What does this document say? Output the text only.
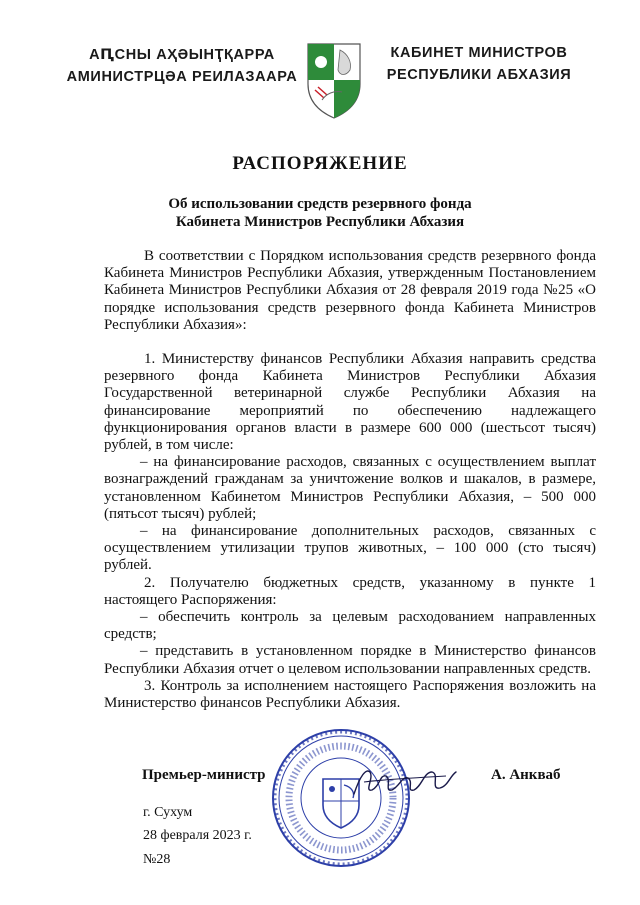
АԤСНЫ АҲӘЫНҬҚАРРА
АМИНИСТРЦӘА РЕИЛАЗААРА
КАБИНЕТ МИНИСТРОВ
РЕСПУБЛИКИ АБХАЗИЯ
РАСПОРЯЖЕНИЕ
Об использовании средств резервного фонда
Кабинета Министров Республики Абхазия

В соответствии с Порядком использования средств резервного фонда Кабинета Министров Республики Абхазия, утвержденным Постановлением Кабинета Министров Республики Абхазия от 28 февраля 2019 года №25 «О порядке использования средств резервного фонда Кабинета Министров Республики Абхазия»:

1. Министерству финансов Республики Абхазия направить средства резервного фонда Кабинета Министров Республики Абхазия Государственной ветеринарной службе Республики Абхазия на финансирование мероприятий по обеспечению надлежащего функционирования органов власти в размере 600 000 (шестьсот тысяч) рублей, в том числе:

– на финансирование расходов, связанных с осуществлением выплат вознаграждений гражданам за уничтожение волков и шакалов, в размере, установленном Кабинетом Министров Республики Абхазия, – 500 000 (пятьсот тысяч) рублей;

– на финансирование дополнительных расходов, связанных с осуществлением утилизации трупов животных, – 100 000 (сто тысяч) рублей.

2. Получателю бюджетных средств, указанному в пункте 1 настоящего Распоряжения:

– обеспечить контроль за целевым расходованием направленных средств;

– представить в установленном порядке в Министерство финансов Республики Абхазия отчет о целевом использовании направленных средств.

3. Контроль за исполнением настоящего Распоряжения возложить на Министерство финансов Республики Абхазия.

Премьер-министр	А. Анкваб
г. Сухум
28 февраля 2023 г.
№28
